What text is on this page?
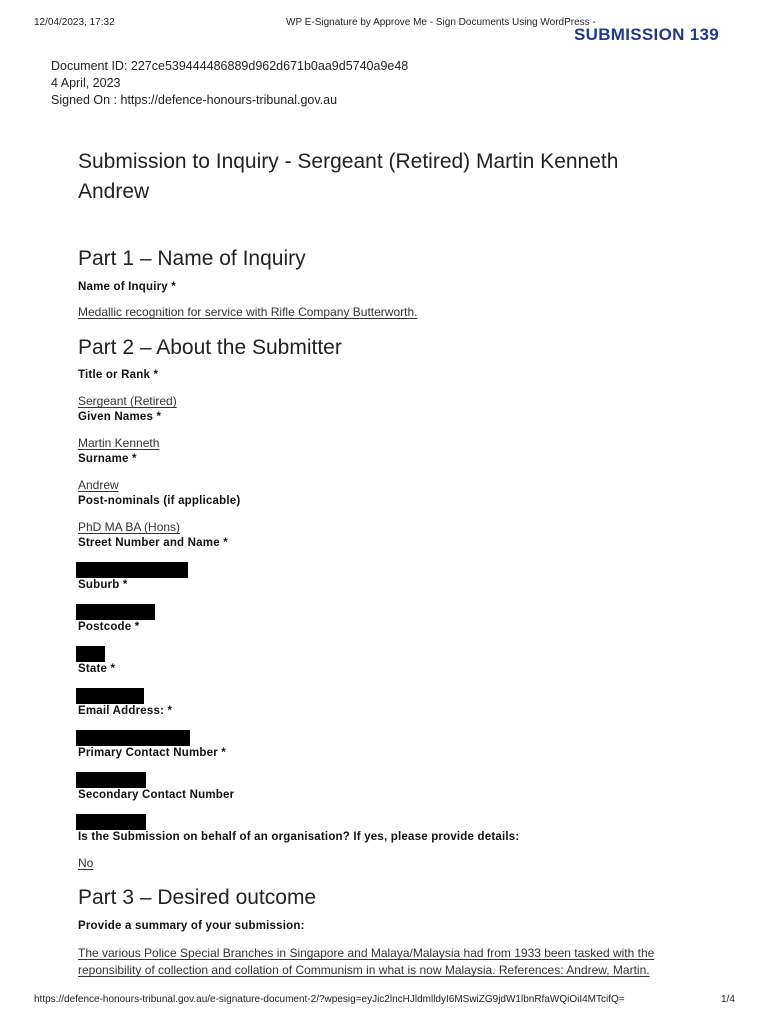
12/04/2023, 17:32	WP E-Signature by Approve Me - Sign Documents Using WordPress -
SUBMISSION 139
Document ID: 227ce539444486889d962d671b0aa9d5740a9e48
4 April, 2023
Signed On : https://defence-honours-tribunal.gov.au
Submission to Inquiry - Sergeant (Retired) Martin Kenneth
Andrew
Part 1 – Name of Inquiry
Name of Inquiry *
Medallic recognition for service with Rifle Company Butterworth.
Part 2 – About the Submitter
Title or Rank *
Sergeant (Retired)
Given Names *
Martin Kenneth
Surname *
Andrew
Post-nominals (if applicable)
PhD MA BA (Hons)
Street Number and Name *
Suburb *
Postcode *
State *
Email Address: *
Primary Contact Number *
Secondary Contact Number
Is the Submission on behalf of an organisation? If yes, please provide details:
No
Part 3 – Desired outcome
Provide a summary of your submission:
The various Police Special Branches in Singapore and Malaya/Malaysia had from 1933 been tasked with the
reponsibility of collection and collation of Communism in what is now Malaysia. References: Andrew, Martin.
https://defence-honours-tribunal.gov.au/e-signature-document-2/?wpesig=eyJic2lncHJldmlldyI6MSwiZG9jdW1lbnRfaWQiOiI4MTcifQ=	1/4
